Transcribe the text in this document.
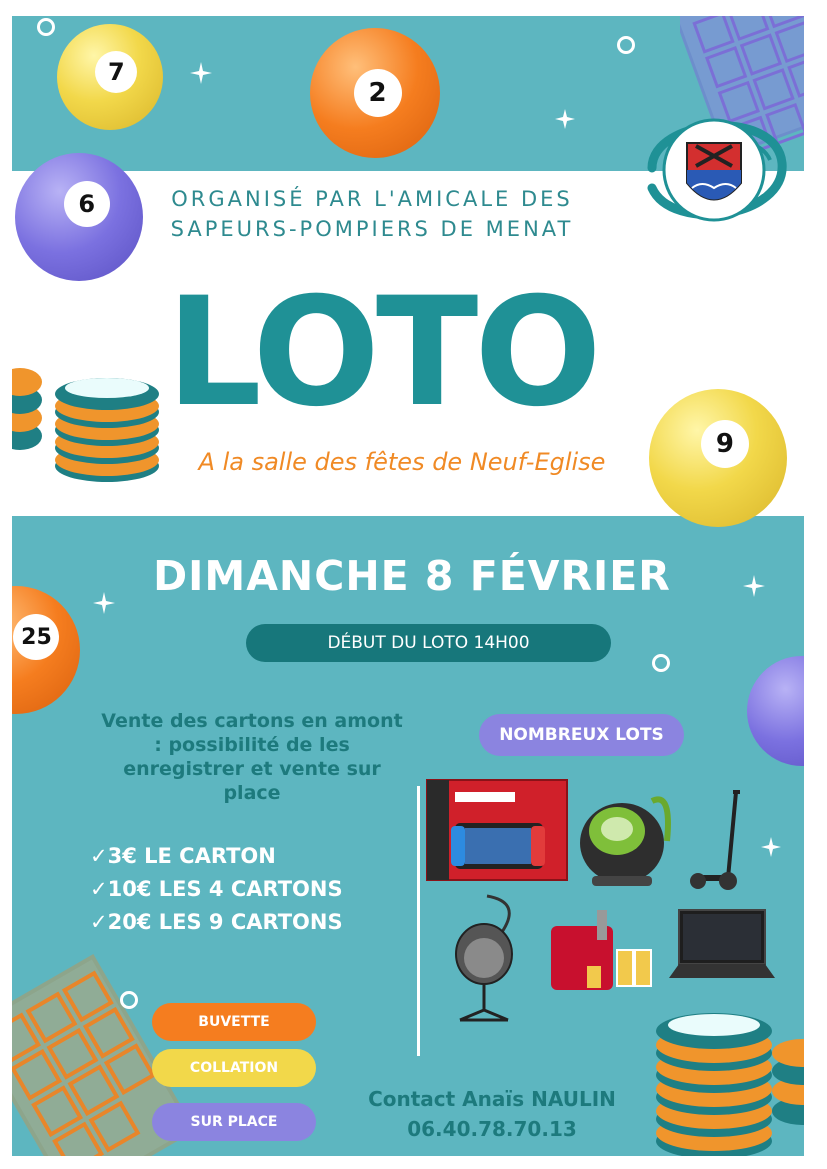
7
2
6
9
25
ORGANISÉ PAR L'AMICALE DES
SAPEURS-POMPIERS DE MENAT
LOTO
A la salle des fêtes de Neuf-Eglise
DIMANCHE 8 FÉVRIER
DÉBUT DU LOTO 14H00
Vente des cartons en amont
: possibilité de les
enregistrer et vente sur
place
✓3€ LE CARTON
✓10€ LES 4 CARTONS
✓20€ LES 9 CARTONS
NOMBREUX LOTS
BUVETTE
COLLATION
SUR PLACE
Contact Anaïs NAULIN
06.40.78.70.13
